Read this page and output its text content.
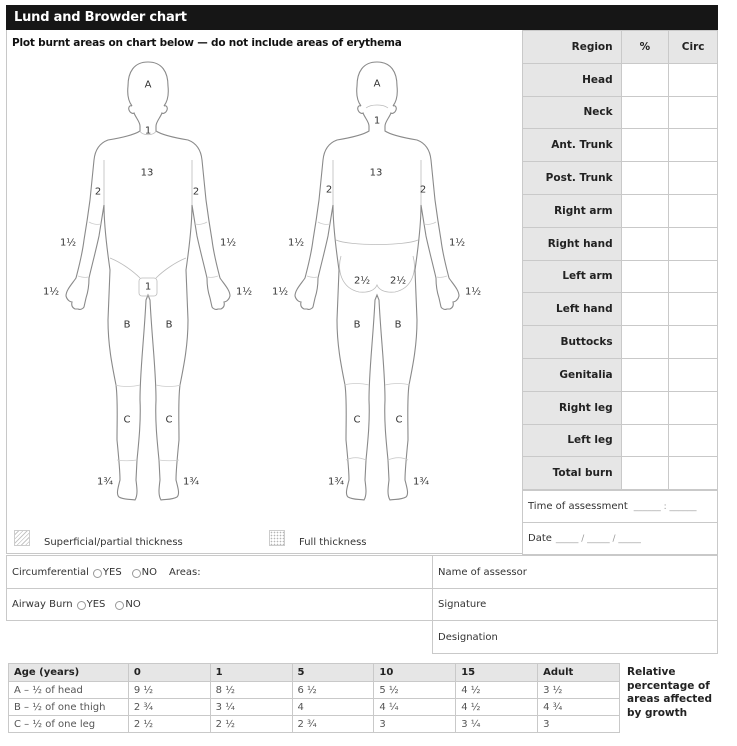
Lund and Browder chart
Plot burnt areas on chart below — do not include areas of erythema
A
1
13
2	2
1½	1½
1½	1½
1
B	B
C	C
1¾	1¾
A
1
13
2	2
1½	1½
1½	1½
2½ 2½
B	B
C	C
1¾	1¾
Superficial/partial thickness	Full thickness
Region	%	Circ
Head		
Neck		
Ant. Trunk		
Post. Trunk		
Right arm		
Right hand		
Left arm		
Left hand		
Buttocks		
Genitalia		
Right leg		
Left leg		
Total burn		
Time of assessment ______ : ______
Date _____ / _____ / _____
Circumferential YES NO Areas:
Airway Burn YES NO
Name of assessor
Signature
Designation
Age (years)	0	1	5	10	15	Adult
A – ½ of head	9 ½	8 ½	6 ½	5 ½	4 ½	3 ½
B – ½ of one thigh	2 ¾	3 ¼	4	4 ¼	4 ½	4 ¾
C – ½ of one leg	2 ½	2 ½	2 ¾	3	3 ¼	3
Relative
percentage of
areas affected
by growth
